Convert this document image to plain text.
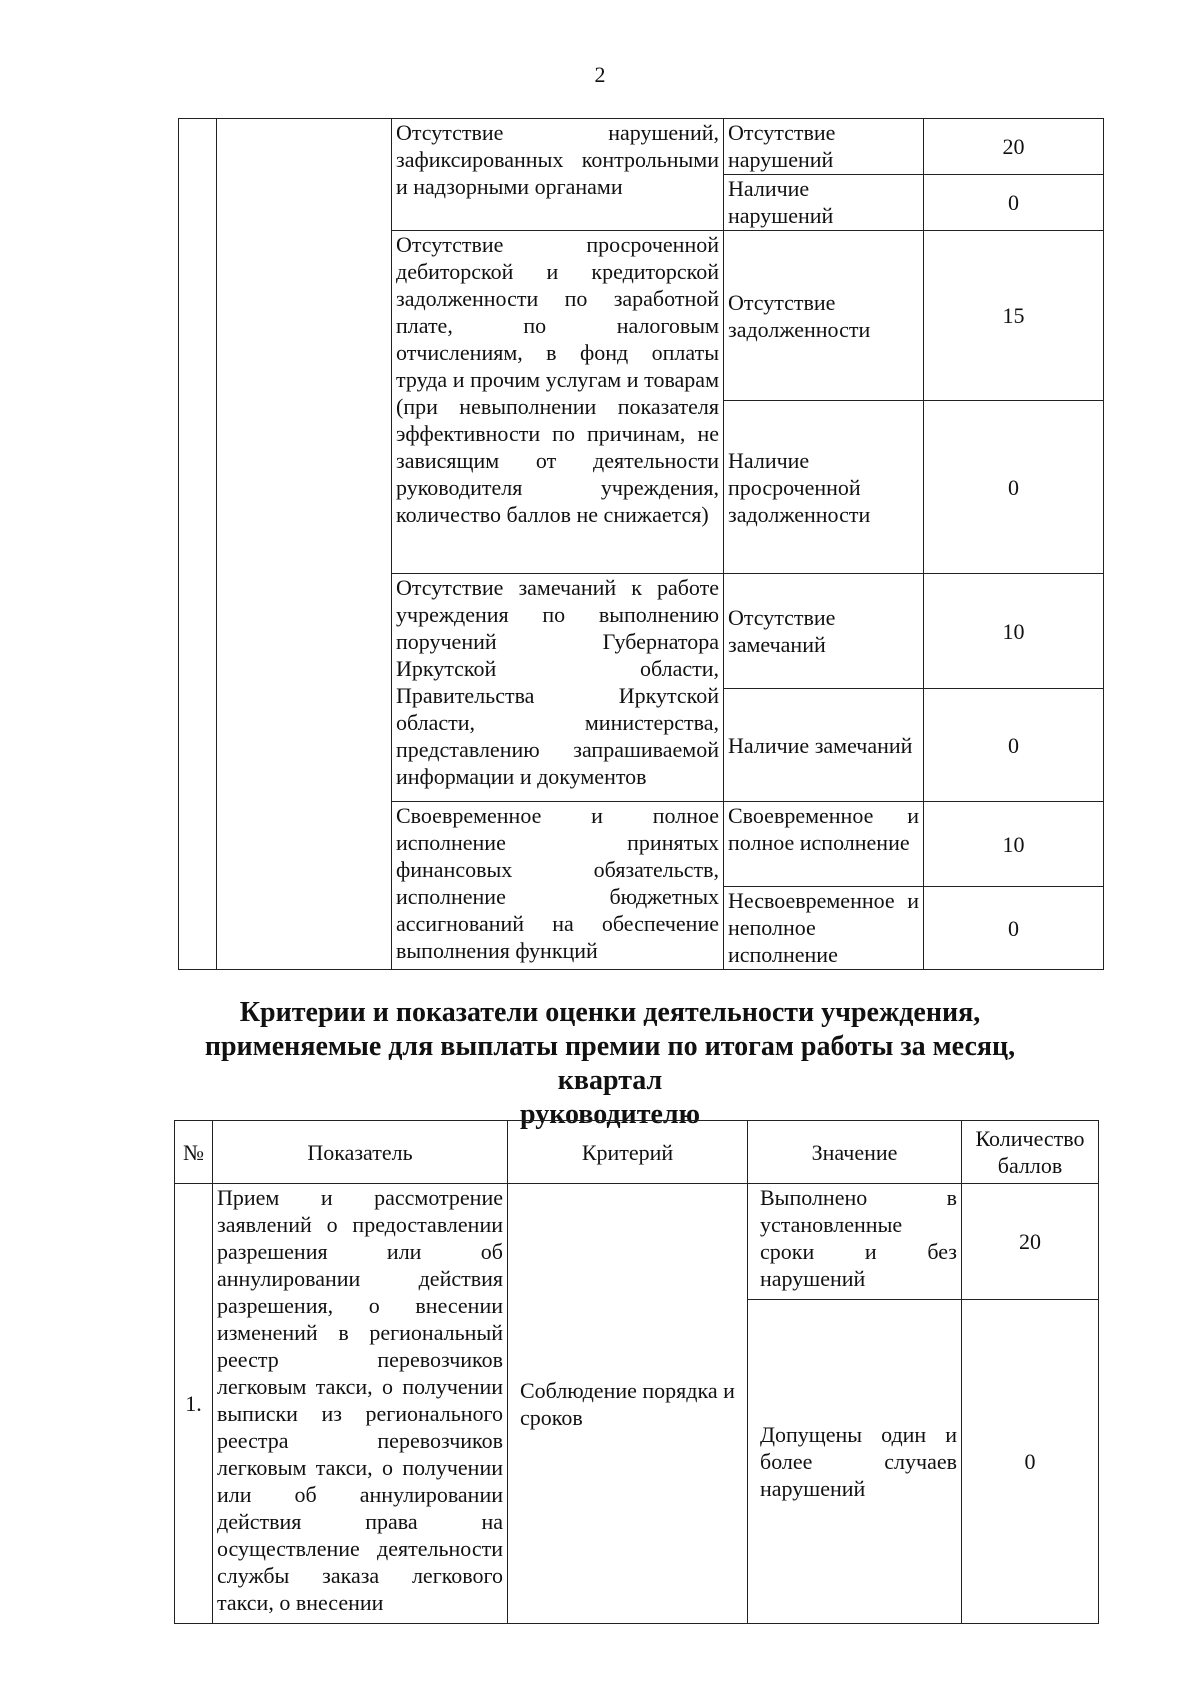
2
		Отсутствие нарушений, зафиксированных контрольными и надзорными органами	Отсутствие нарушений	20
			Наличие нарушений	0
		Отсутствие просроченной дебиторской и кредиторской задолженности по заработной плате, по налоговым отчислениям, в фонд оплаты труда и прочим услугам и товарам (при невыполнении показателя эффективности по причинам, не зависящим от деятельности руководителя учреждения, количество баллов не снижается)	Отсутствие задолженности	15
			Наличие просроченной задолженности	0
		Отсутствие замечаний к работе учреждения по выполнению поручений Губернатора Иркутской области, Правительства Иркутской области, министерства, представлению запрашиваемой информации и документов	Отсутствие замечаний	10
			Наличие замечаний	0
		Своевременное и полное исполнение принятых финансовых обязательств, исполнение бюджетных ассигнований на обеспечение выполнения функций	Своевременное и полное исполнение	10
			Несвоевременное и неполное исполнение	0
Критерии и показатели оценки деятельности учреждения,
применяемые для выплаты премии по итогам работы за месяц, квартал
руководителю
№	Показатель	Критерий	Значение	Количество баллов
1.	Прием и рассмотрение заявлений о предоставлении разрешения или об аннулировании действия разрешения, о внесении изменений в региональный реестр перевозчиков легковым такси, о получении выписки из регионального реестра перевозчиков легковым такси, о получении или об аннулировании действия права на осуществление деятельности службы заказа легкового такси, о внесении	Соблюдение порядка и сроков	Выполнено в установленные сроки и без нарушений	20
			Допущены один и более случаев нарушений	0
